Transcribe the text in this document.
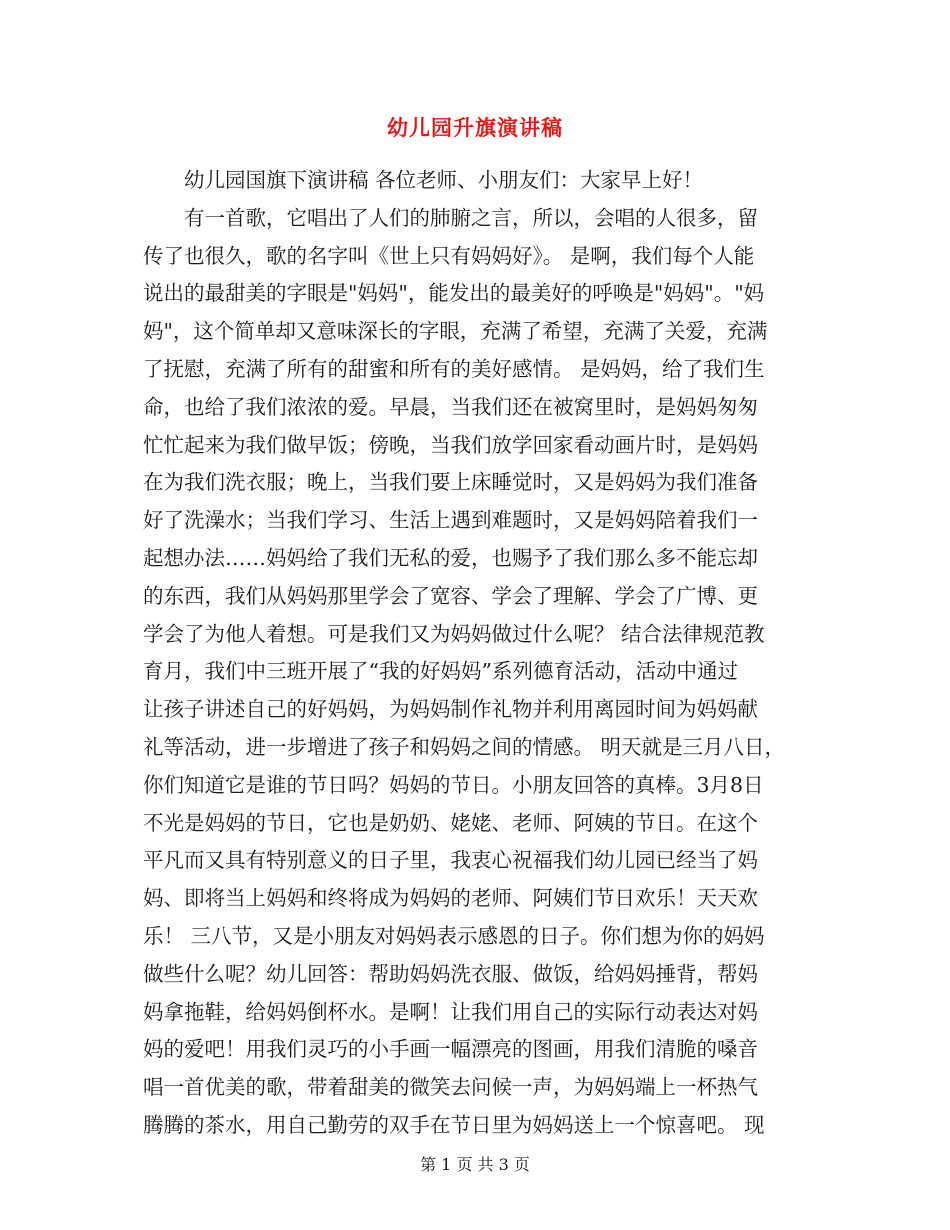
幼儿园升旗演讲稿
　　幼儿园国旗下演讲稿 各位老师、小朋友们：大家早上好！
　　有一首歌，它唱出了人们的肺腑之言，所以，会唱的人很多，留
传了也很久，歌的名字叫《世上只有妈妈好》。 是啊，我们每个人能
说出的最甜美的字眼是"妈妈"，能发出的最美好的呼唤是"妈妈"。"妈
妈"，这个简单却又意味深长的字眼，充满了希望，充满了关爱，充满
了抚慰，充满了所有的甜蜜和所有的美好感情。 是妈妈，给了我们生
命，也给了我们浓浓的爱。早晨，当我们还在被窝里时，是妈妈匆匆
忙忙起来为我们做早饭；傍晚，当我们放学回家看动画片时，是妈妈
在为我们洗衣服；晚上，当我们要上床睡觉时，又是妈妈为我们准备
好了洗澡水；当我们学习、生活上遇到难题时，又是妈妈陪着我们一
起想办法……妈妈给了我们无私的爱，也赐予了我们那么多不能忘却
的东西，我们从妈妈那里学会了宽容、学会了理解、学会了广博、更
学会了为他人着想。可是我们又为妈妈做过什么呢？ 结合法律规范教
育月，我们中三班开展了“我的好妈妈”系列德育活动，活动中通过
让孩子讲述自己的好妈妈，为妈妈制作礼物并利用离园时间为妈妈献
礼等活动，进一步增进了孩子和妈妈之间的情感。 明天就是三月八日，
你们知道它是谁的节日吗？妈妈的节日。小朋友回答的真棒。3月8日
不光是妈妈的节日，它也是奶奶、姥姥、老师、阿姨的节日。在这个
平凡而又具有特别意义的日子里，我衷心祝福我们幼儿园已经当了妈
妈、即将当上妈妈和终将成为妈妈的老师、阿姨们节日欢乐！天天欢
乐！ 三八节，又是小朋友对妈妈表示感恩的日子。你们想为你的妈妈
做些什么呢？幼儿回答：帮助妈妈洗衣服、做饭，给妈妈捶背，帮妈
妈拿拖鞋，给妈妈倒杯水。是啊！让我们用自己的实际行动表达对妈
妈的爱吧！用我们灵巧的小手画一幅漂亮的图画，用我们清脆的嗓音
唱一首优美的歌，带着甜美的微笑去问候一声，为妈妈端上一杯热气
腾腾的茶水，用自己勤劳的双手在节日里为妈妈送上一个惊喜吧。 现
第 1 页 共 3 页
